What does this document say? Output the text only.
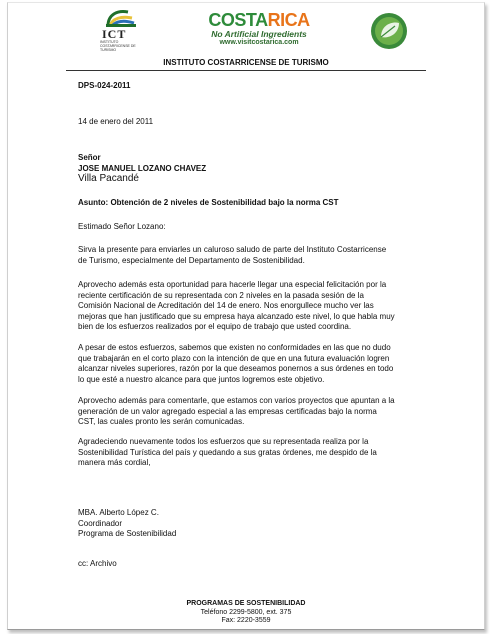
ICT
INSTITUTO COSTARRICENSE DE TURISMO
COSTARICA
No Artificial Ingredients
www.visitcostarica.com
INSTITUTO COSTARRICENSE DE TURISMO
DPS-024-2011
14 de enero del 2011
Señor
JOSE MANUEL LOZANO CHAVEZ
Villa Pacandé
Asunto: Obtención de 2 niveles de Sostenibilidad bajo la norma CST
Estimado Señor Lozano:
Sirva la presente para enviarles un caluroso saludo de parte del Instituto Costarricense
de Turismo, especialmente del Departamento de Sostenibilidad.
Aprovecho además esta oportunidad para hacerle llegar una especial felicitación por la
reciente certificación de su representada con 2 niveles en la pasada sesión de la
Comisión Nacional de Acreditación del 14 de enero. Nos enorgullece mucho ver las
mejoras que han justificado que su empresa haya alcanzado este nivel, lo que habla muy
bien de los esfuerzos realizados por el equipo de trabajo que usted coordina.
A pesar de estos esfuerzos, sabemos que existen no conformidades en las que no dudo
que trabajarán en el corto plazo con la intención de que en una futura evaluación logren
alcanzar niveles superiores, razón por la que deseamos ponernos a sus órdenes en todo
lo que esté a nuestro alcance para que juntos logremos este objetivo.
Aprovecho además para comentarle, que estamos con varios proyectos que apuntan a la
generación de un valor agregado especial a las empresas certificadas bajo la norma
CST, las cuales pronto les serán comunicadas.
Agradeciendo nuevamente todos los esfuerzos que su representada realiza por la
Sostenibilidad Turística del país y quedando a sus gratas órdenes, me despido de la
manera más cordial,
MBA. Alberto López C.
Coordinador
Programa de Sostenibilidad
cc: Archivo
PROGRAMAS DE SOSTENIBILIDAD
Teléfono 2299-5800, ext. 375
Fax: 2220-3559
